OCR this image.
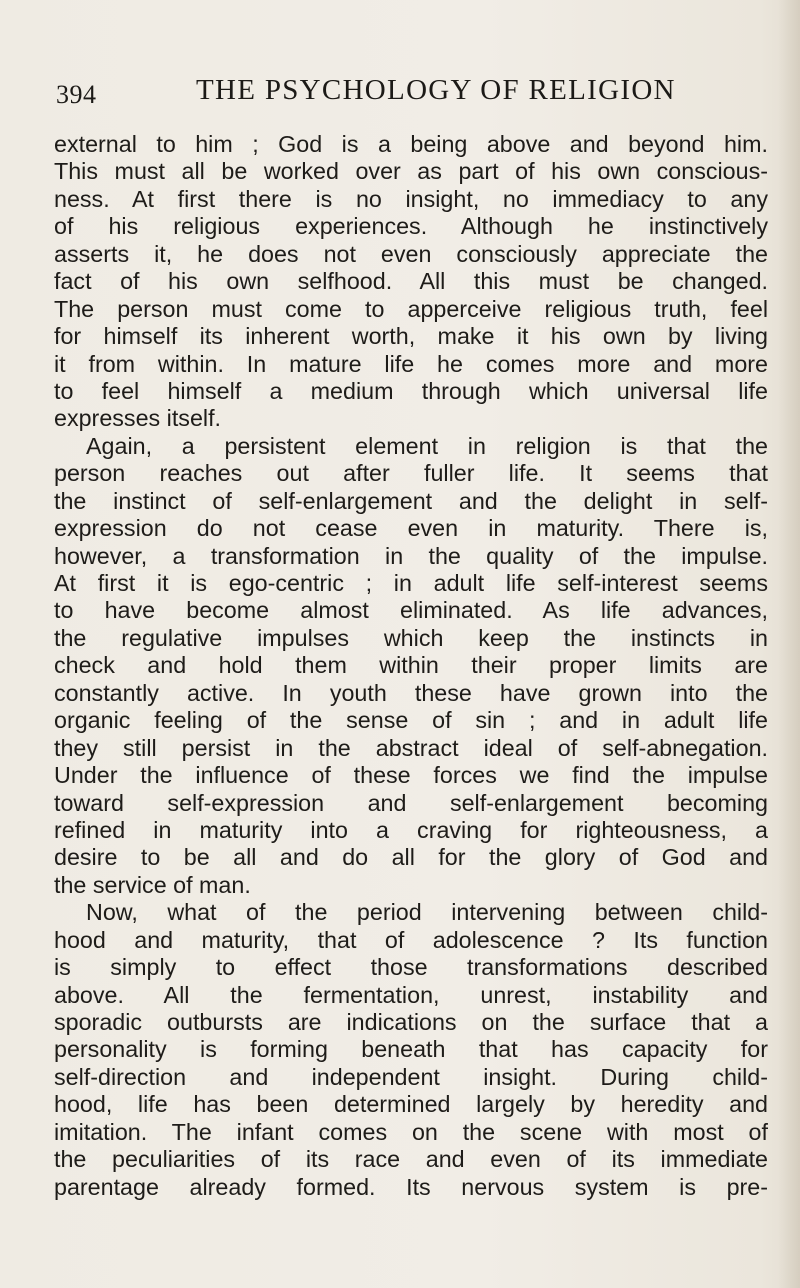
394	THE PSYCHOLOGY OF RELIGION
external to him ; God is a being above and beyond him.
This must all be worked over as part of his own conscious-
ness. At first there is no insight, no immediacy to any
of his religious experiences. Although he instinctively
asserts it, he does not even consciously appreciate the
fact of his own selfhood. All this must be changed.
The person must come to apperceive religious truth, feel
for himself its inherent worth, make it his own by living
it from within. In mature life he comes more and more
to feel himself a medium through which universal life
expresses itself.
Again, a persistent element in religion is that the
person reaches out after fuller life. It seems that
the instinct of self-enlargement and the delight in self-
expression do not cease even in maturity. There is,
however, a transformation in the quality of the impulse.
At first it is ego-centric ; in adult life self-interest seems
to have become almost eliminated. As life advances,
the regulative impulses which keep the instincts in
check and hold them within their proper limits are
constantly active. In youth these have grown into the
organic feeling of the sense of sin ; and in adult life
they still persist in the abstract ideal of self-abnegation.
Under the influence of these forces we find the impulse
toward self-expression and self-enlargement becoming
refined in maturity into a craving for righteousness, a
desire to be all and do all for the glory of God and
the service of man.
Now, what of the period intervening between child-
hood and maturity, that of adolescence ? Its function
is simply to effect those transformations described
above. All the fermentation, unrest, instability and
sporadic outbursts are indications on the surface that a
personality is forming beneath that has capacity for
self-direction and independent insight. During child-
hood, life has been determined largely by heredity and
imitation. The infant comes on the scene with most of
the peculiarities of its race and even of its immediate
parentage already formed. Its nervous system is pre-
